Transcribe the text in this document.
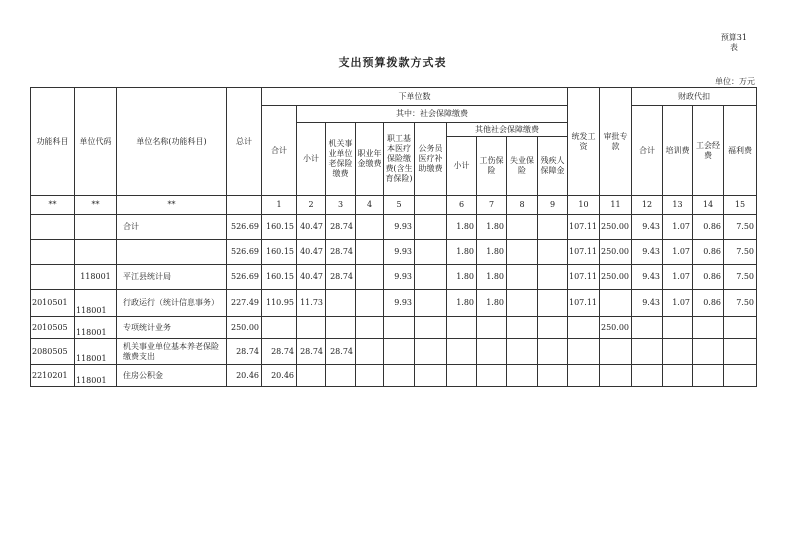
预算31
表
支出预算拨款方式表
单位：万元
功能科目	单位代码	单位名称(功能科目)	总计	下单位数										统发工资	审批专款	财政代扣			
				合计	其中：社会保障缴费											合计	培训费	工会经费	福利费
					小计	机关事业单位老保险缴费	职业年金缴费	职工基本医疗保险缴费(含生育保险)	公务员医疗补助缴费	其他社会保障缴费									
										小计	工伤保险	失业保险	残疾人保障金						
**	**	**		1	2	3	4	5		6	7	8	9	10	11	12	13	14	15
		合计	526.69	160.15	40.47	28.74		9.93		1.80	1.80			107.11	250.00	9.43	1.07	0.86	7.50
			526.69	160.15	40.47	28.74		9.93		1.80	1.80			107.11	250.00	9.43	1.07	0.86	7.50
	118001	平江县统计局	526.69	160.15	40.47	28.74		9.93		1.80	1.80			107.11	250.00	9.43	1.07	0.86	7.50
2010501	118001	行政运行（统计信息事务）	227.49	110.95	11.73			9.93		1.80	1.80			107.11		9.43	1.07	0.86	7.50
2010505	118001	专项统计业务	250.00												250.00				
2080505	118001	机关事业单位基本养老保险缴费支出	28.74	28.74	28.74	28.74													
2210201	118001	住房公积金	20.46	20.46															
